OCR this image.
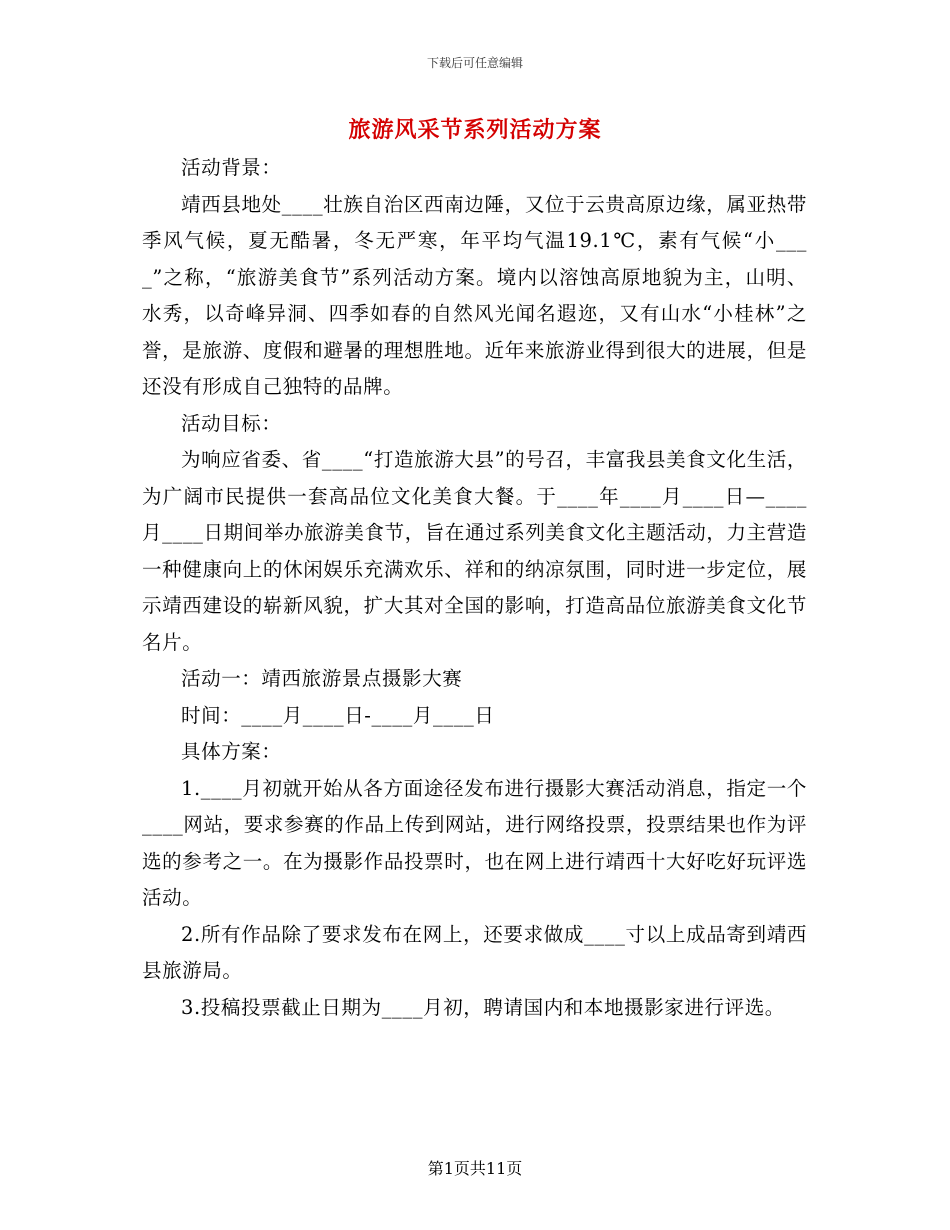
下载后可任意编辑
旅游风采节系列活动方案

活动背景：

靖西县地处____壮族自治区西南边陲，又位于云贵高原边缘，属亚热带季风气候，夏无酷暑，冬无严寒，年平均气温19.1℃，素有气候“小____”之称，“旅游美食节”系列活动方案。境内以溶蚀高原地貌为主，山明、水秀，以奇峰异洞、四季如春的自然风光闻名遐迩，又有山水“小桂林”之誉，是旅游、度假和避暑的理想胜地。近年来旅游业得到很大的进展，但是还没有形成自己独特的品牌。

活动目标：

为响应省委、省____“打造旅游大县”的号召，丰富我县美食文化生活，为广阔市民提供一套高品位文化美食大餐。于____年____月____日—____月____日期间举办旅游美食节，旨在通过系列美食文化主题活动，力主营造一种健康向上的休闲娱乐充满欢乐、祥和的纳凉氛围，同时进一步定位，展示靖西建设的崭新风貌，扩大其对全国的影响，打造高品位旅游美食文化节名片。

活动一：靖西旅游景点摄影大赛

时间：____月____日-____月____日

具体方案：

1.____月初就开始从各方面途径发布进行摄影大赛活动消息，指定一个____网站，要求参赛的作品上传到网站，进行网络投票，投票结果也作为评选的参考之一。在为摄影作品投票时，也在网上进行靖西十大好吃好玩评选活动。

2.所有作品除了要求发布在网上，还要求做成____寸以上成品寄到靖西县旅游局。

3.投稿投票截止日期为____月初，聘请国内和本地摄影家进行评选。

第1页共11页
